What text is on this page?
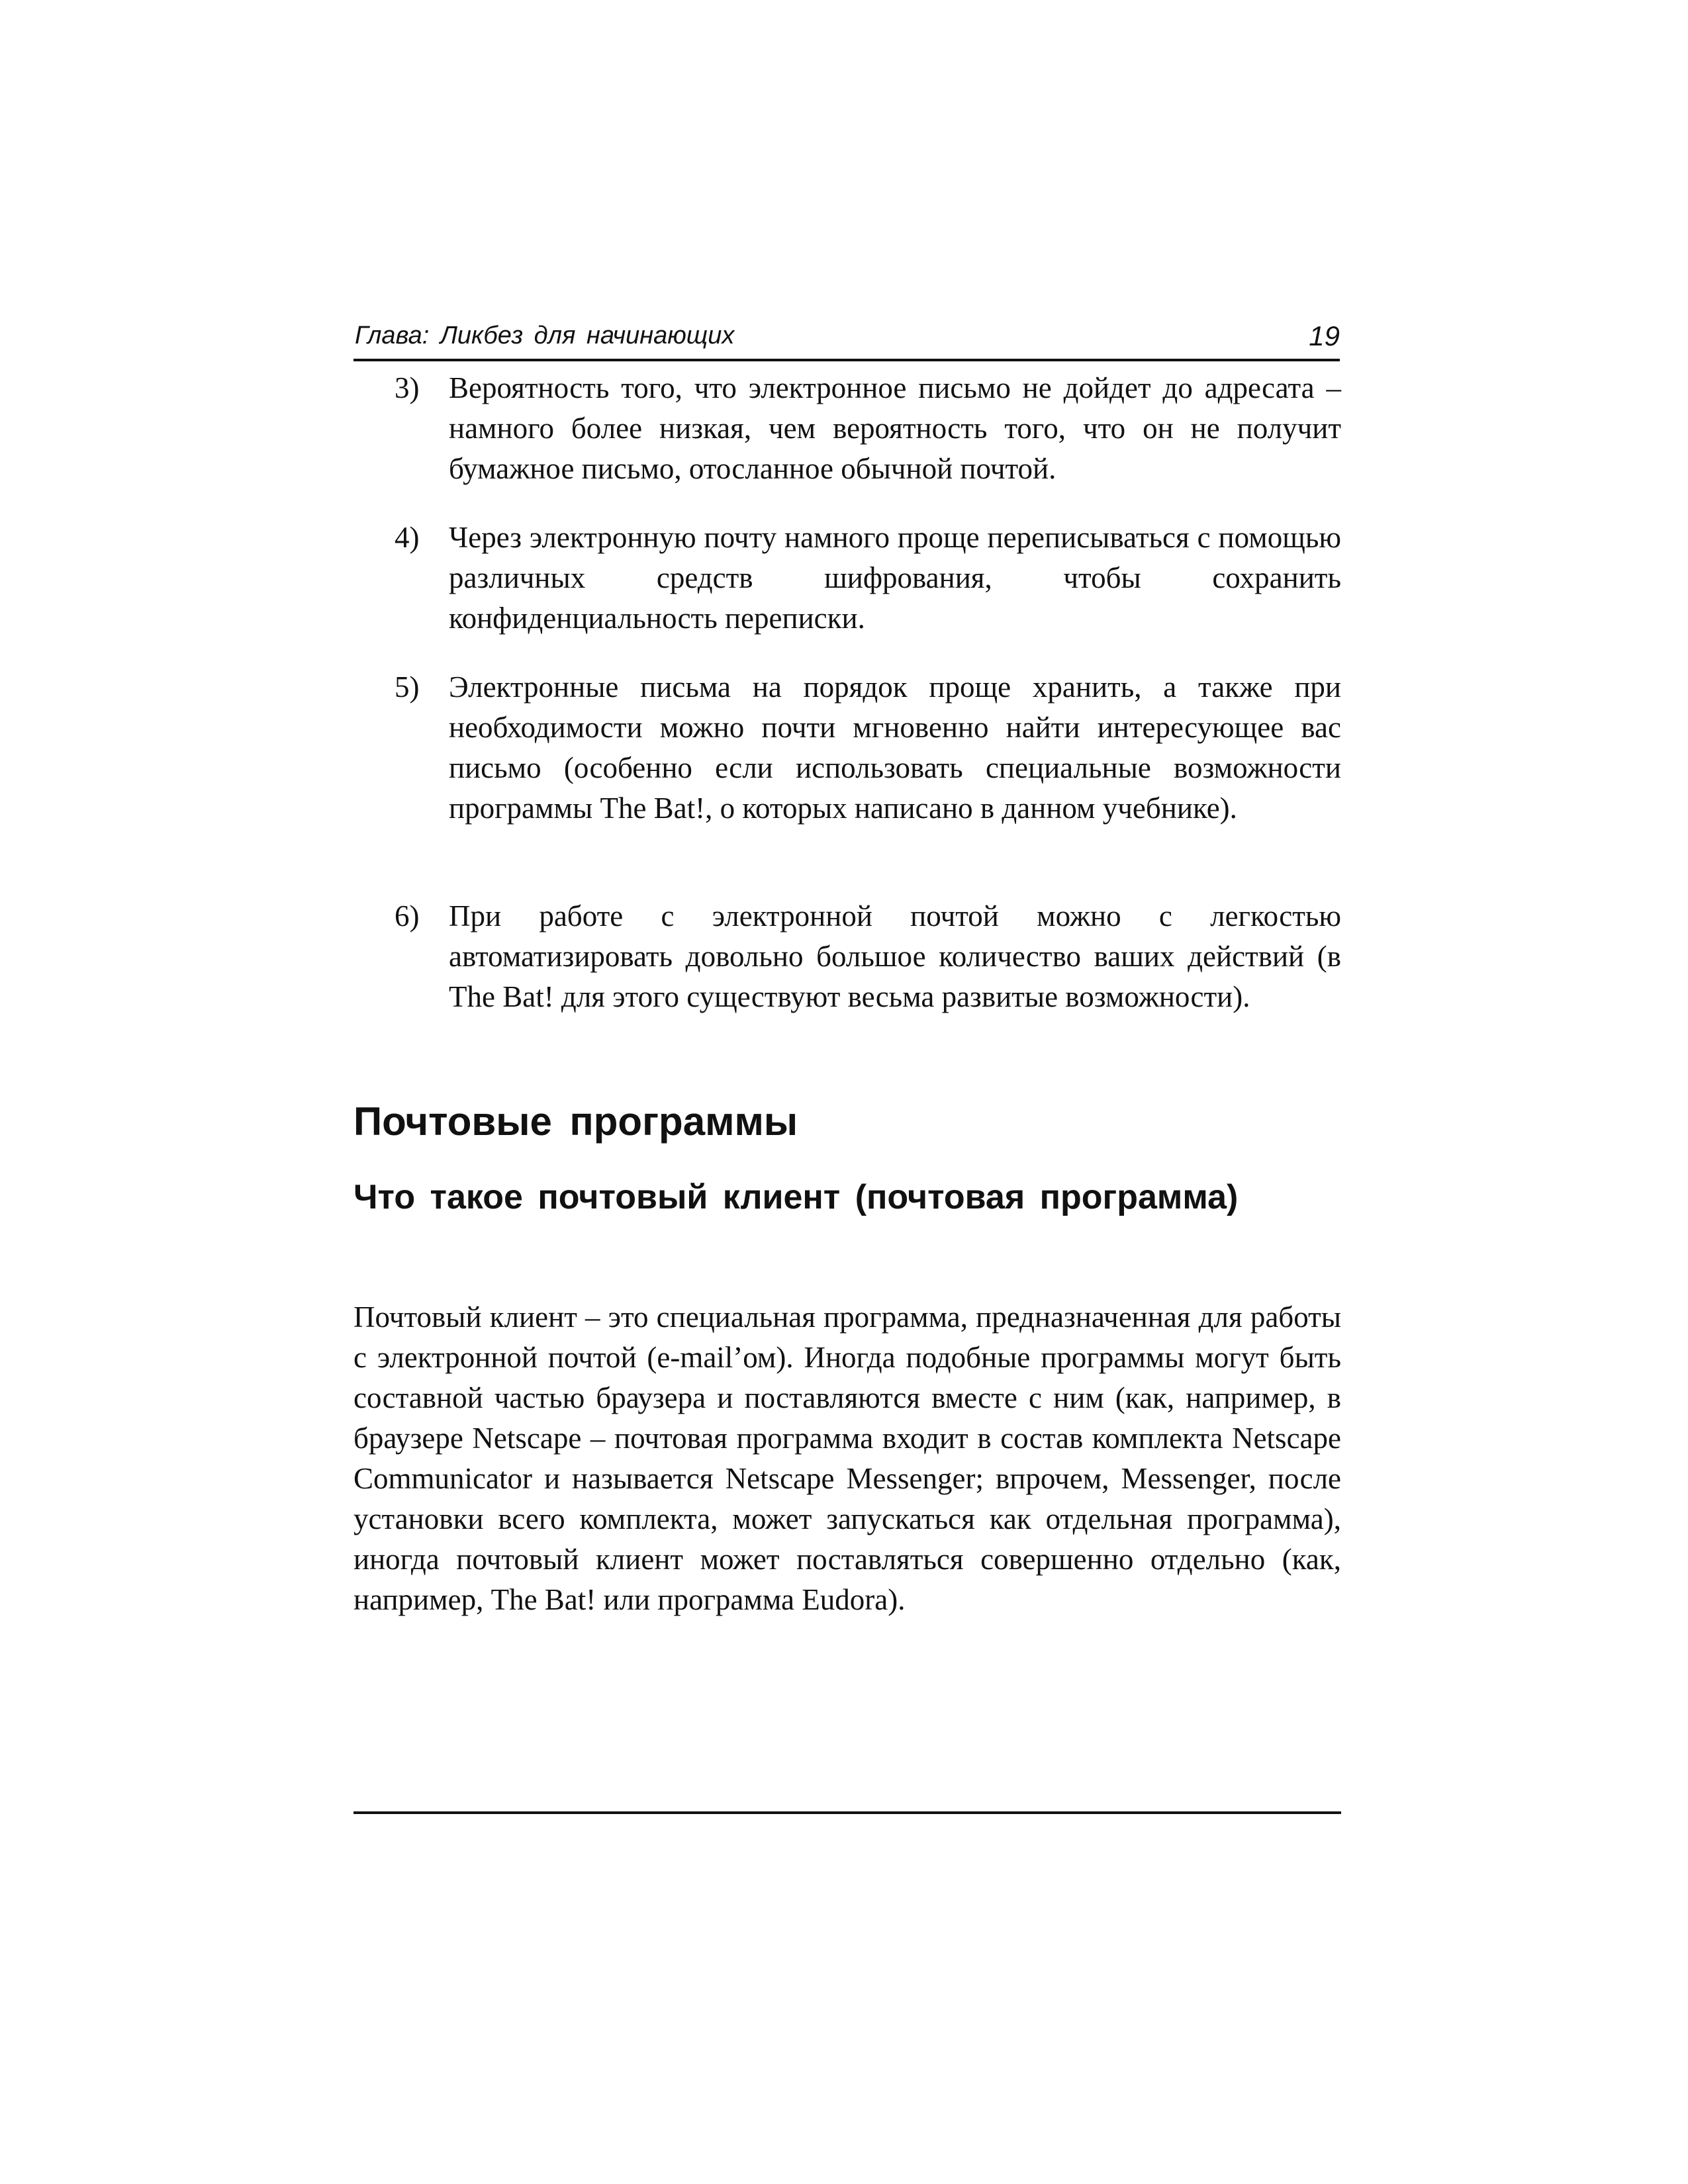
Глава: Ликбез для начинающих	19
3) Вероятность того, что электронное письмо не дойдет до адресата – намного более низкая, чем вероятность того, что он не получит бумажное письмо, отосланное обычной почтой.
4) Через электронную почту намного проще переписываться с помощью различных средств шифрования, чтобы сохранить конфиденциальность переписки.
5) Электронные письма на порядок проще хранить, а также при необходимости можно почти мгновенно найти интересующее вас письмо (особенно если использовать специальные возможности программы The Bat!, о которых написано в данном учебнике).
6) При работе с электронной почтой можно с легкостью автоматизировать довольно большое количество ваших действий (в The Bat! для этого существуют весьма развитые возможности).
Почтовые программы
Что такое почтовый клиент (почтовая программа)

Почтовый клиент – это специальная программа, предназначенная для работы с электронной почтой (e-mail’ом). Иногда подобные программы могут быть составной частью браузера и поставляются вместе с ним (как, например, в браузере Netscape – почтовая программа входит в состав комплекта Netscape Communicator и называется Netscape Messenger; впрочем, Messenger, после установки всего комплекта, может запускаться как отдельная программа), иногда почтовый клиент может поставляться совершенно отдельно (как, например, The Bat! или программа Eudora).
